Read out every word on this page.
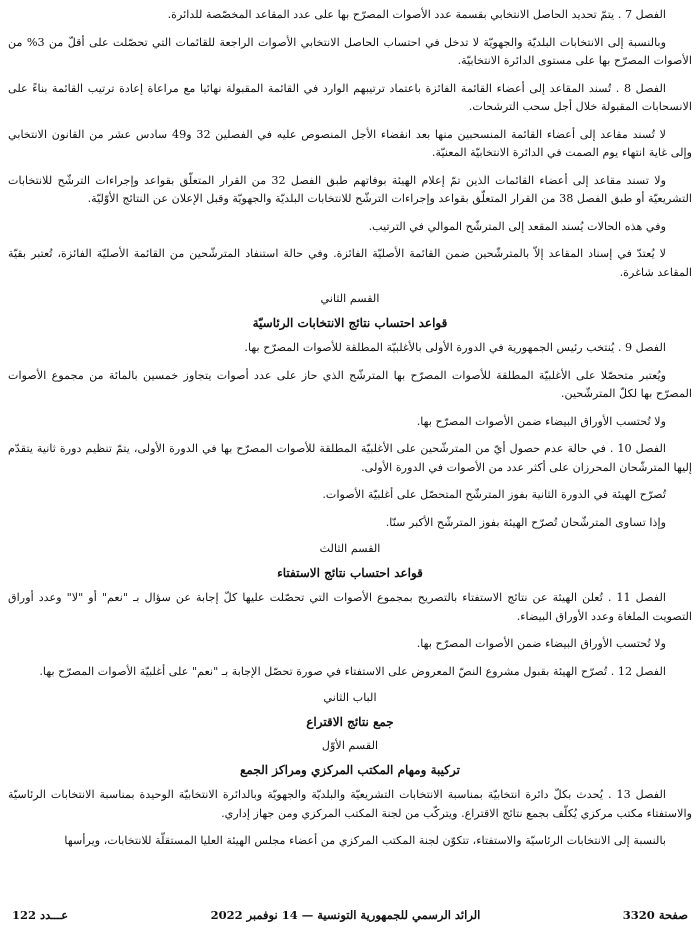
الفصل 7 . يتمّ تحديد الحاصل الانتخابي بقسمة عدد الأصوات المصرّح بها على عدد المقاعد المخصّصة للدائرة.

وبالنسبة إلى الانتخابات البلديّة والجهويّة لا تدخل في احتساب الحاصل الانتخابي الأصوات الراجعة للقائمات التي تحصّلت على أقلّ من 3% من الأصوات المصرّح بها على مستوى الدائرة الانتخابيّة.

الفصل 8 . تُسند المقاعد إلى أعضاء القائمة الفائزة باعتماد ترتيبهم الوارد في القائمة المقبولة نهائيا مع مراعاة إعادة ترتيب القائمة بناءً على الانسحابات المقبولة خلال أجل سحب الترشحات.

لا تُسند مقاعد إلى أعضاء القائمة المنسحبين منها بعد انقضاء الأجل المنصوص عليه في الفصلين 32 و49 سادس عشر من القانون الانتخابي وإلى غاية انتهاء يوم الصمت في الدائرة الانتخابيّة المعنيّة.

ولا تسند مقاعد إلى أعضاء القائمات الذين تمّ إعلام الهيئة بوفاتهم طبق الفصل 32 من القرار المتعلّق بقواعد وإجراءات الترشّح للانتخابات التشريعيّة أو طبق الفصل 38 من القرار المتعلّق بقواعد وإجراءات الترشّح للانتخابات البلديّة والجهويّة وقبل الإعلان عن النتائج الأوّليّة.

وفي هذه الحالات يُسند المقعد إلى المترشّح الموالي في الترتيب.

لا يُعتدّ في إسناد المقاعد إلاّ بالمترشّحين ضمن القائمة الأصليّة الفائزة. وفي حالة استنفاد المترشّحين من القائمة الأصليّة الفائزة، تُعتبر بقيّة المقاعد شاغرة.

القسم الثاني
قواعد احتساب نتائج الانتخابات الرئاسيّة

الفصل 9 . يُنتخب رئيس الجمهورية في الدورة الأولى بالأغلبيّة المطلقة للأصوات المصرّح بها.

ويُعتبر متحصّلا على الأغلبيّة المطلقة للأصوات المصرّح بها المترشّح الذي حاز على عدد أصوات يتجاوز خمسين بالمائة من مجموع الأصوات المصرّح بها لكلّ المترشّحين.

ولا تُحتسب الأوراق البيضاء ضمن الأصوات المصرّح بها.

الفصل 10 . في حالة عدم حصول أيّ من المترشّحين على الأغلبيّة المطلقة للأصوات المصرّح بها في الدورة الأولى، يتمّ تنظيم دورة ثانية يتقدّم إليها المترشّحان المحرزان على أكثر عدد من الأصوات في الدورة الأولى.

تُصرّح الهيئة في الدورة الثانية بفوز المترشّح المتحصّل على أغلبيّة الأصوات.

وإذا تساوى المترشّحان تُصرّح الهيئة بفوز المترشّح الأكبر سنّا.

القسم الثالث
قواعد احتساب نتائج الاستفتاء

الفصل 11 . تُعلن الهيئة عن نتائج الاستفتاء بالتصريح بمجموع الأصوات التي تحصّلت عليها كلّ إجابة عن سؤال بـ "نعم" أو "لا" وعدد أوراق التصويت الملغاة وعدد الأوراق البيضاء.

ولا تُحتسب الأوراق البيضاء ضمن الأصوات المصرّح بها.

الفصل 12 . تُصرّح الهيئة بقبول مشروع النصّ المعروض على الاستفتاء في صورة تحصّل الإجابة بـ "نعم" على أغلبيّة الأصوات المصرّح بها.

الباب الثاني
جمع نتائج الاقتراع
القسم الأوّل
تركيبة ومهام المكتب المركزي ومراكز الجمع

الفصل 13 . يُحدث بكلّ دائرة انتخابيّة بمناسبة الانتخابات التشريعيّة والبلديّة والجهويّة وبالدائرة الانتخابيّة الوحيدة بمناسبة الانتخابات الرئاسيّة والاستفتاء مكتب مركزي يُكلّف بجمع نتائج الاقتراع. ويتركّب من لجنة المكتب المركزي ومن جهاز إداري.

بالنسبة إلى الانتخابات الرئاسيّة والاستفتاء، تتكوّن لجنة المكتب المركزي من أعضاء مجلس الهيئة العليا المستقلّة للانتخابات، ويرأسها

صفحة 3320
الرائد الرسمي للجمهورية التونسية — 14 نوفمبر 2022
عـــدد 122
